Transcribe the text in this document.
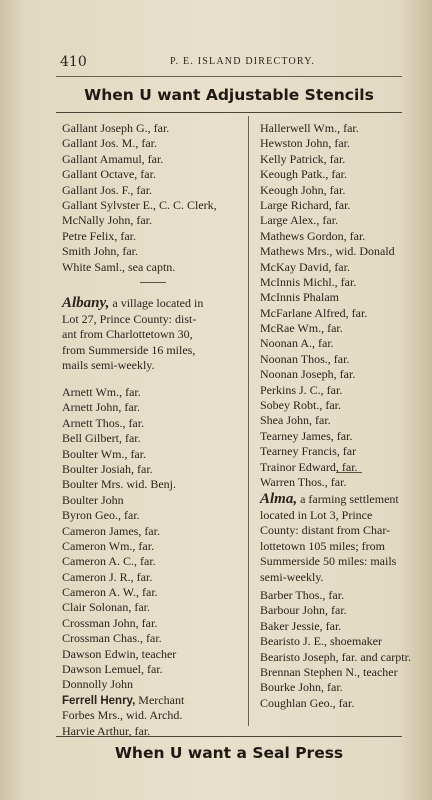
410	P. E. ISLAND DIRECTORY.
When U want Adjustable Stencils
Gallant Joseph G., far.
Gallant Jos. M., far.
Gallant Amamul, far.
Gallant Octave, far.
Gallant Jos. F., far.
Gallant Sylvster E., C. C. Clerk,
McNally John, far.
Petre Felix, far.
Smith John, far.
White Saml., sea captn.
Albany, a village located in
Lot 27, Prince County: dist-
ant from Charlottetown 30,
from Summerside 16 miles,
mails semi-weekly.
Arnett Wm., far.
Arnett John, far.
Arnett Thos., far.
Bell Gilbert, far.
Boulter Wm., far.
Boulter Josiah, far.
Boulter Mrs. wid. Benj.
Boulter John
Byron Geo., far.
Cameron James, far.
Cameron Wm., far.
Cameron A. C., far.
Cameron J. R., far.
Cameron A. W., far.
Clair Solonan, far.
Crossman John, far.
Crossman Chas., far.
Dawson Edwin, teacher
Dawson Lemuel, far.
Donnolly John
Ferrell Henry, Merchant
Forbes Mrs., wid. Archd.
Harvie Arthur, far.
Hallerwell Wm., far.
Hewston John, far.
Kelly Patrick, far.
Keough Patk., far.
Keough John, far.
Large Richard, far.
Large Alex., far.
Mathews Gordon, far.
Mathews Mrs., wid. Donald
McKay David, far.
McInnis Michl., far.
McInnis Phalam
McFarlane Alfred, far.
McRae Wm., far.
Noonan A., far.
Noonan Thos., far.
Noonan Joseph, far.
Perkins J. C., far.
Sobey Robt., far.
Shea John, far.
Tearney James, far.
Tearney Francis, far
Trainor Edward, far.
Warren Thos., far.
Alma, a farming settlement
located in Lot 3, Prince
County: distant from Char-
lottetown 105 miles; from
Summerside 50 miles: mails
semi-weekly.
Barber Thos., far.
Barbour John, far.
Baker Jessie, far.
Bearisto J. E., shoemaker
Bearisto Joseph, far. and carptr.
Brennan Stephen N., teacher
Bourke John, far.
Coughlan Geo., far.
When U want a Seal Press
